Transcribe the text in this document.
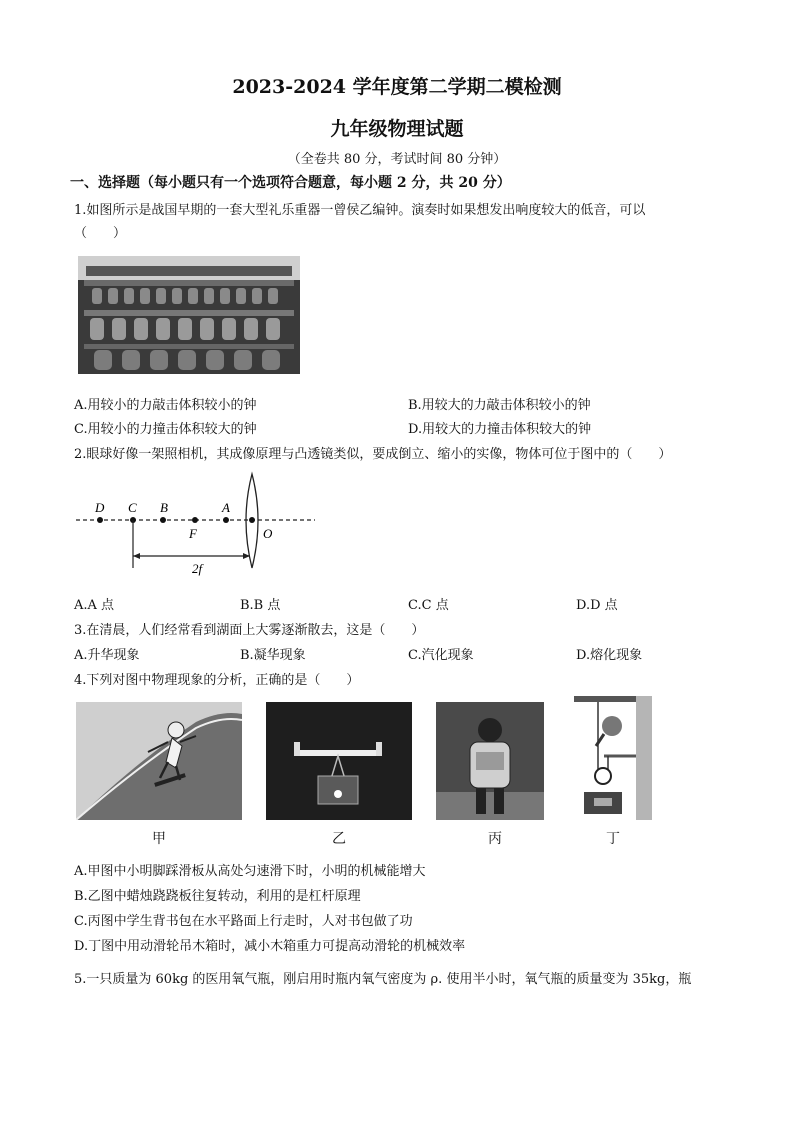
2023-2024 学年度第二学期二模检测
九年级物理试题
（全卷共 80 分，考试时间 80 分钟）
一、选择题（每小题只有一个选项符合题意，每小题 2 分，共 20 分）
1.如图所示是战国早期的一套大型礼乐重器一曾侯乙编钟。演奏时如果想发出响度较大的低音，可以
（　　）
A.用较小的力敲击体积较小的钟	B.用较大的力敲击体积较小的钟
C.用较小的力撞击体积较大的钟	D.用较大的力撞击体积较大的钟
2.眼球好像一架照相机，其成像原理与凸透镜类似，要成倒立、缩小的实像，物体可位于图中的（　　）
D C B	A
F	O
2f
A.A 点	B.B 点	C.C 点	D.D 点
3.在清晨，人们经常看到湖面上大雾逐渐散去，这是（　　）
A.升华现象	B.凝华现象	C.汽化现象	D.熔化现象
4.下列对图中物理现象的分析，正确的是（　　）
甲	乙	丙	丁
A.甲图中小明脚踩滑板从高处匀速滑下时，小明的机械能增大
B.乙图中蜡烛跷跷板往复转动，利用的是杠杆原理
C.丙图中学生背书包在水平路面上行走时，人对书包做了功
D.丁图中用动滑轮吊木箱时，减小木箱重力可提高动滑轮的机械效率
5.一只质量为 60kg 的医用氧气瓶，刚启用时瓶内氧气密度为 ρ. 使用半小时，氧气瓶的质量变为 35kg，瓶
